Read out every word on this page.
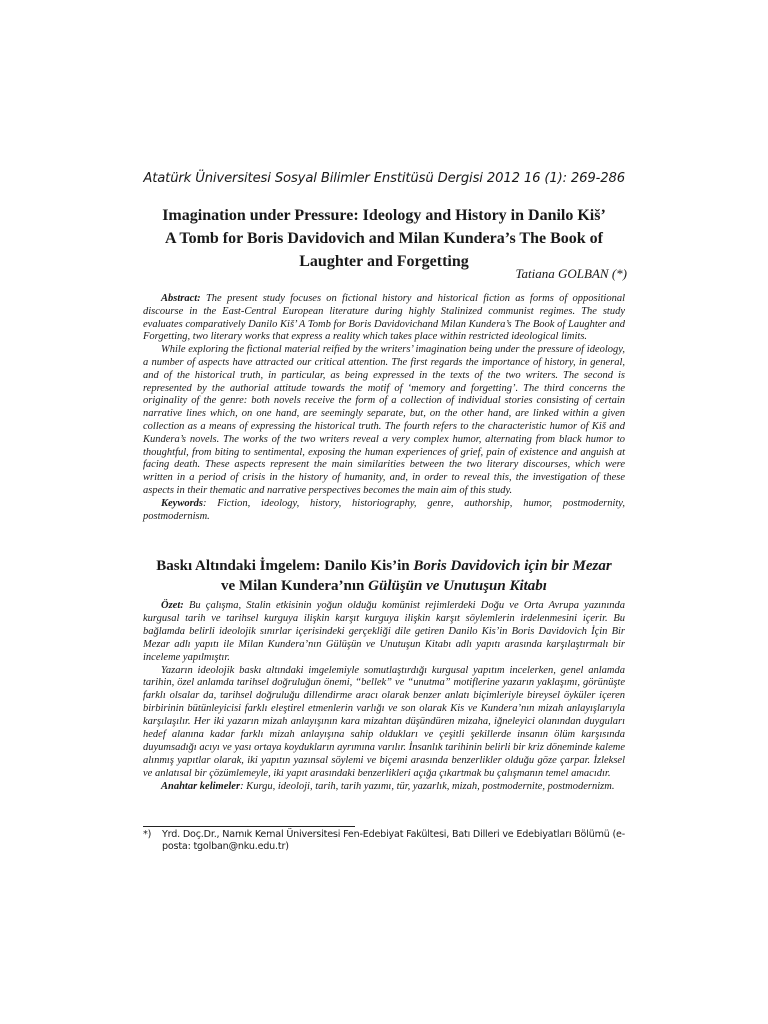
Atatürk Üniversitesi Sosyal Bilimler Enstitüsü Dergisi 2012 16 (1): 269-286
Imagination under Pressure: Ideology and History in Danilo Kiš’
A Tomb for Boris Davidovich and Milan Kundera’s The Book of
Laughter and Forgetting
Tatiana GOLBAN (*)

Abstract: The present study focuses on fictional history and historical fiction as forms of oppositional discourse in the East-Central European literature during highly Stalinized communist regimes. The study evaluates comparatively Danilo Kiš’ A Tomb for Boris Davidovichand Milan Kundera’s The Book of Laughter and Forgetting, two literary works that express a reality which takes place within restricted ideological limits.

While exploring the fictional material reified by the writers’ imagination being under the pressure of ideology, a number of aspects have attracted our critical attention. The first regards the importance of history, in general, and of the historical truth, in particular, as being expressed in the texts of the two writers. The second is represented by the authorial attitude towards the motif of ‘memory and forgetting’. The third concerns the originality of the genre: both novels receive the form of a collection of individual stories consisting of certain narrative lines which, on one hand, are seemingly separate, but, on the other hand, are linked within a given collection as a means of expressing the historical truth. The fourth refers to the characteristic humor of Kiš and Kundera’s novels. The works of the two writers reveal a very complex humor, alternating from black humor to thoughtful, from biting to sentimental, exposing the human experiences of grief, pain of existence and anguish at facing death. These aspects represent the main similarities between the two literary discourses, which were written in a period of crisis in the history of humanity, and, in order to reveal this, the investigation of these aspects in their thematic and narrative perspectives becomes the main aim of this study.

Keywords: Fiction, ideology, history, historiography, genre, authorship, humor, postmodernity, postmodernism.

Baskı Altındaki İmgelem: Danilo Kis’in Boris Davidovich için bir Mezar
ve Milan Kundera’nın Gülüşün ve Unutuşun Kitabı

Özet: Bu çalışma, Stalin etkisinin yoğun olduğu komünist rejimlerdeki Doğu ve Orta Avrupa yazınında kurgusal tarih ve tarihsel kurguya ilişkin karşıt kurguya ilişkin karşıt söylemlerin irdelenmesini içerir. Bu bağlamda belirli ideolojik sınırlar içerisindeki gerçekliği dile getiren Danilo Kis’in Boris Davidovich İçin Bir Mezar adlı yapıtı ile Milan Kundera’nın Gülüşün ve Unutuşun Kitabı adlı yapıtı arasında karşılaştırmalı bir inceleme yapılmıştır.

Yazarın ideolojik baskı altındaki imgelemiyle somutlaştırdığı kurgusal yapıtım incelerken, genel anlamda tarihin, özel anlamda tarihsel doğruluğun önemi, “bellek” ve “unutma” motiflerine yazarın yaklaşımı, görünüşte farklı olsalar da, tarihsel doğruluğu dillendirme aracı olarak benzer anlatı biçimleriyle bireysel öyküler içeren birbirinin bütünleyicisi farklı eleştirel etmenlerin varlığı ve son olarak Kis ve Kundera’nın mizah anlayışlarıyla karşılaşılır. Her iki yazarın mizah anlayışının kara mizahtan düşündüren mizaha, iğneleyici olanından duyguları hedef alanına kadar farklı mizah anlayışına sahip oldukları ve çeşitli şekillerde insanın ölüm karşısında duyumsadığı acıyı ve yası ortaya koydukların ayrımına varılır. İnsanlık tarihinin belirli bir kriz döneminde kaleme alınmış yapıtlar olarak, iki yapıtın yazınsal söylemi ve biçemi arasında benzerlikler olduğu göze çarpar. İzleksel ve anlatısal bir çözümlemeyle, iki yapıt arasındaki benzerlikleri açığa çıkartmak bu çalışmanın temel amacıdır.

Anahtar kelimeler: Kurgu, ideoloji, tarih, tarih yazımı, tür, yazarlık, mizah, postmodernite, postmodernizm.

*) Yrd. Doç.Dr., Namık Kemal Üniversitesi Fen-Edebiyat Fakültesi, Batı Dilleri ve Edebiyatları Bölümü (e-posta: tgolban@nku.edu.tr)
